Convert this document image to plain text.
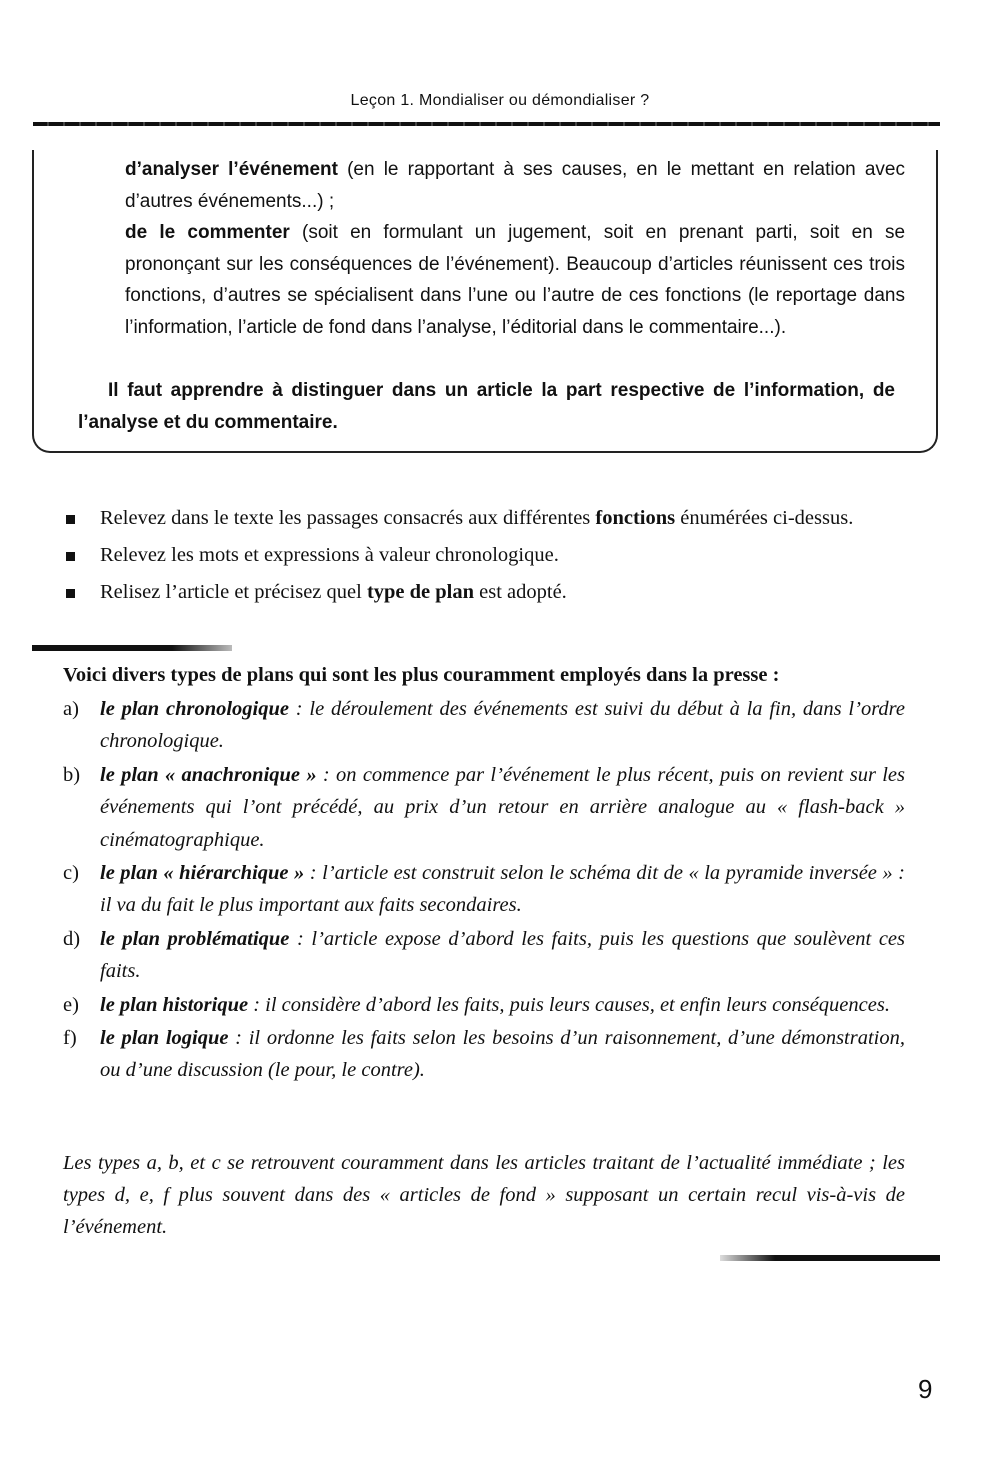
Leçon 1. Mondialiser ou démondialiser ?

d’analyser l’événement (en le rapportant à ses causes, en le mettant en relation avec d’autres événements...) ;

de le commenter (soit en formulant un jugement, soit en prenant parti, soit en se prononçant sur les conséquences de l’événement). Beaucoup d’articles réunissent ces trois fonctions, d’autres se spécialisent dans l’une ou l’autre de ces fonctions (le reportage dans l’information, l’article de fond dans l’analyse, l’éditorial dans le commentaire...).

Il faut apprendre à distinguer dans un article la part respective de l’information, de l’analyse et du commentaire.
Relevez dans le texte les passages consacrés aux différentes fonctions énumérées ci-dessus.
Relevez les mots et expressions à valeur chronologique.
Relisez l’article et précisez quel type de plan est adopté.
Voici divers types de plans qui sont les plus couramment employés dans la presse :
a) le plan chronologique : le déroulement des événements est suivi du début à la fin, dans l’ordre chronologique.
b) le plan « anachronique » : on commence par l’événement le plus récent, puis on revient sur les événements qui l’ont précédé, au prix d’un retour en arrière analogue au « flash-back » cinématographique.
c) le plan « hiérarchique » : l’article est construit selon le schéma dit de « la pyramide inversée » : il va du fait le plus important aux faits secondaires.
d) le plan problématique : l’article expose d’abord les faits, puis les questions que soulèvent ces faits.
e) le plan historique : il considère d’abord les faits, puis leurs causes, et enfin leurs conséquences.
f) le plan logique : il ordonne les faits selon les besoins d’un raisonnement, d’une démonstration, ou d’une discussion (le pour, le contre).
Les types a, b, et c se retrouvent couramment dans les articles traitant de l’actualité immédiate ; les types d, e, f plus souvent dans des « articles de fond » supposant un certain recul vis-à-vis de l’événement.
9
